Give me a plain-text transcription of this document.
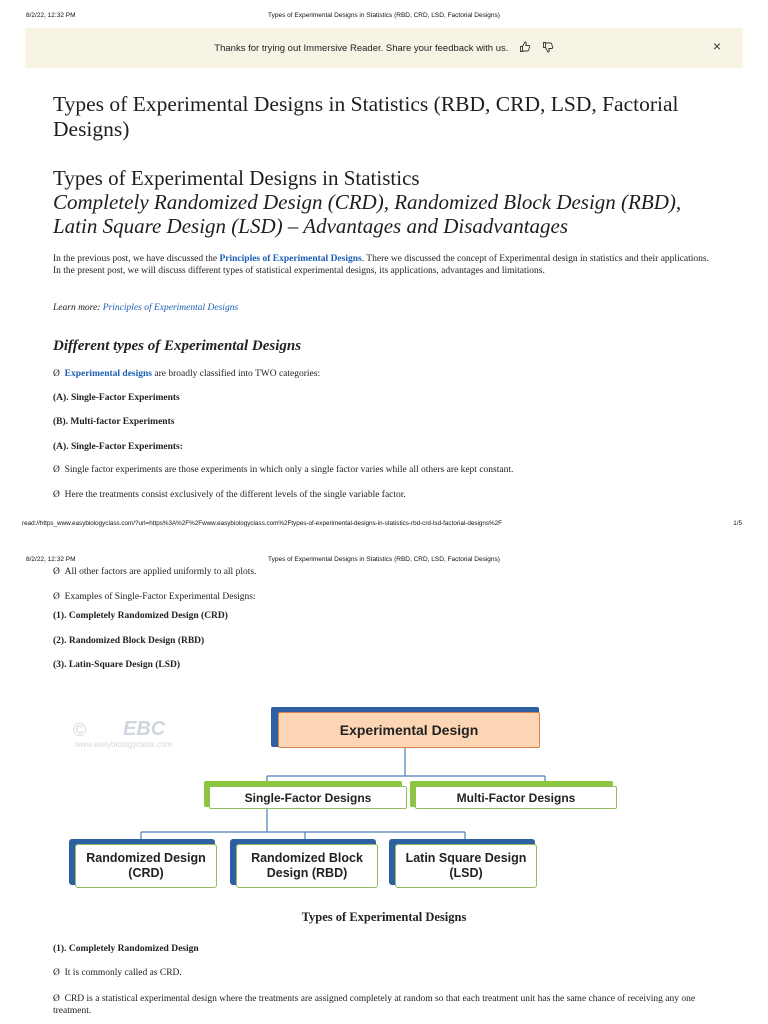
8/2/22, 12:32 PM	Types of Experimental Designs in Statistics (RBD, CRD, LSD, Factorial Designs)
Thanks for trying out Immersive Reader. Share your feedback with us.	×
Types of Experimental Designs in Statistics (RBD, CRD, LSD, Factorial Designs)
Types of Experimental Designs in Statistics
Completely Randomized Design (CRD), Randomized Block Design (RBD), Latin Square Design (LSD) – Advantages and Disadvantages

In the previous post, we have discussed the Principles of Experimental Designs. There we discussed the concept of Experimental design in statistics and their applications. In the present post, we will discuss different types of statistical experimental designs, its applications, advantages and limitations.

Learn more: Principles of Experimental Designs

Different types of Experimental Designs
Ø Experimental designs are broadly classified into TWO categories:
(A). Single-Factor Experiments
(B). Multi-factor Experiments
(A). Single-Factor Experiments:
Ø Single factor experiments are those experiments in which only a single factor varies while all others are kept constant.
Ø Here the treatments consist exclusively of the different levels of the single variable factor.
read://https_www.easybiologyclass.com/?url=https%3A%2F%2Fwww.easybiologyclass.com%2Ftypes-of-experimental-designs-in-statistics-rbd-crd-lsd-factorial-designs%2F	1/5
8/2/22, 12:32 PM	Types of Experimental Designs in Statistics (RBD, CRD, LSD, Factorial Designs)
Ø All other factors are applied uniformly to all plots.
Ø Examples of Single-Factor Experimental Designs:
(1). Completely Randomized Design (CRD)
(2). Randomized Block Design (RBD)
(3). Latin-Square Design (LSD)
© EBC
www.easybiologyclass.com
Experimental Design
Single-Factor Designs	Multi-Factor Designs
Randomized Design (CRD)
Randomized Block Design (RBD)
Latin Square Design (LSD)
Types of Experimental Designs
(1). Completely Randomized Design
Ø It is commonly called as CRD.
Ø CRD is a statistical experimental design where the treatments are assigned completely at random so that each treatment unit has the same chance of receiving any one treatment.
